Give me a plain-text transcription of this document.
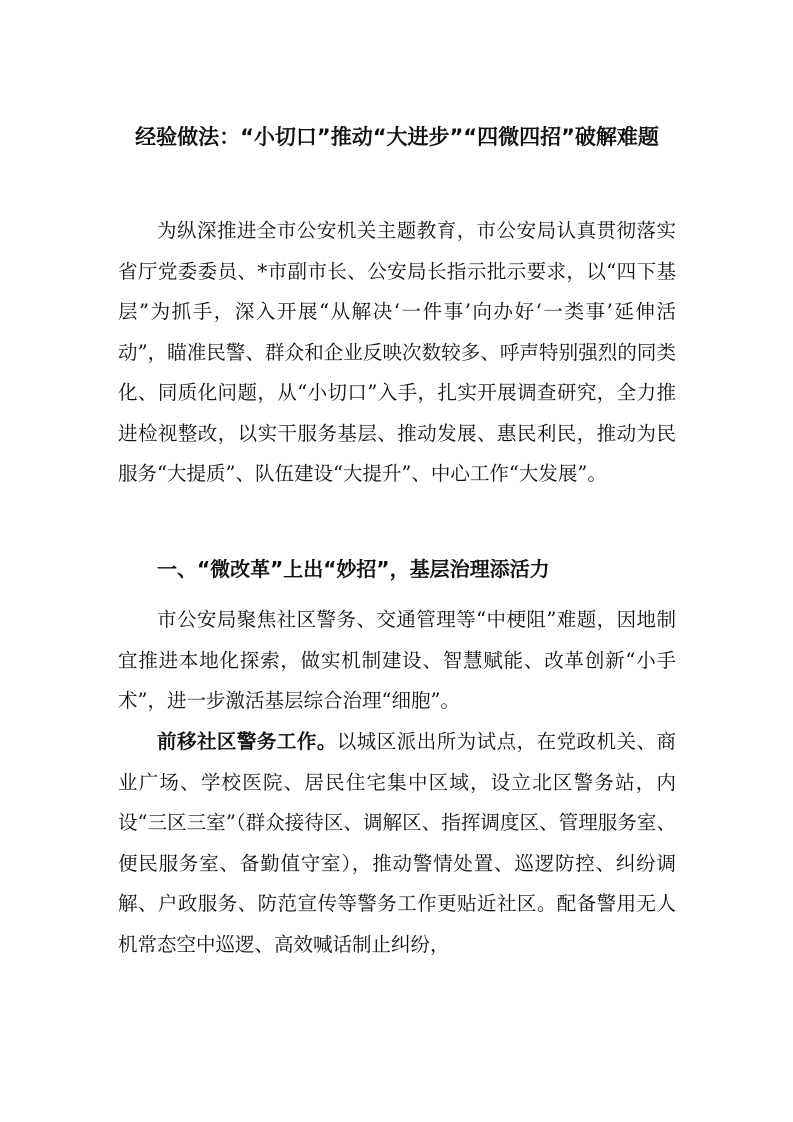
经验做法：“小切口”推动“大进步”“四微四招”破解难题

为纵深推进全市公安机关主题教育，市公安局认真贯彻落实省厅党委委员、*市副市长、公安局长指示批示要求，以“四下基层”为抓手，深入开展“从解决‘一件事’向办好‘一类事’延伸活动”，瞄准民警、群众和企业反映次数较多、呼声特别强烈的同类化、同质化问题，从“小切口”入手，扎实开展调查研究，全力推进检视整改，以实干服务基层、推动发展、惠民利民，推动为民服务“大提质”、队伍建设“大提升”、中心工作“大发展”。

一、“微改革”上出“妙招”，基层治理添活力

市公安局聚焦社区警务、交通管理等“中梗阻”难题，因地制宜推进本地化探索，做实机制建设、智慧赋能、改革创新“小手术”，进一步激活基层综合治理“细胞”。

前移社区警务工作。以城区派出所为试点，在党政机关、商业广场、学校医院、居民住宅集中区域，设立北区警务站，内设“三区三室”（群众接待区、调解区、指挥调度区、管理服务室、便民服务室、备勤值守室），推动警情处置、巡逻防控、纠纷调解、户政服务、防范宣传等警务工作更贴近社区。配备警用无人机常态空中巡逻、高效喊话制止纠纷，
